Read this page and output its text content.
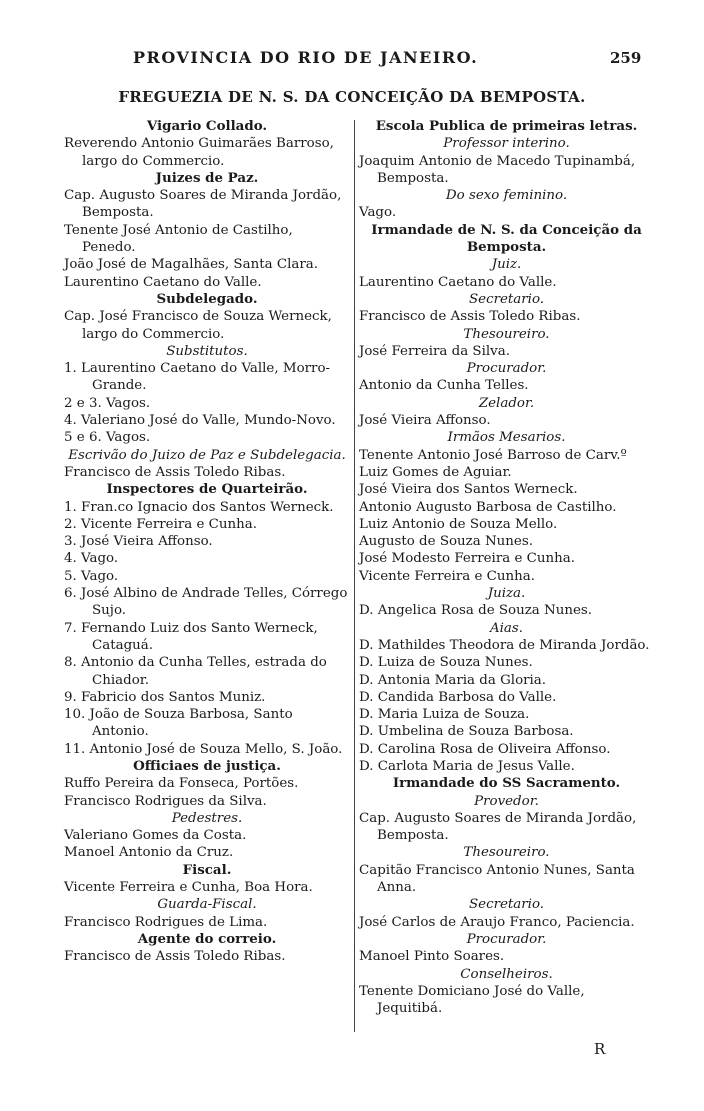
PROVINCIA DO RIO DE JANEIRO.	259
FREGUEZIA DE N. S. DA CONCEIÇÃO DA BEMPOSTA.
Vigario Collado.
Reverendo Antonio Guimarães Barroso, largo do Commercio.
Juizes de Paz.
Cap. Augusto Soares de Miranda Jordão, Bemposta.
Tenente José Antonio de Castilho, Penedo.
João José de Magalhães, Santa Clara.
Laurentino Caetano do Valle.
Subdelegado.
Cap. José Francisco de Souza Werneck, largo do Commercio.
Substitutos.
1. Laurentino Caetano do Valle, Morro-Grande.
2 e 3. Vagos.
4. Valeriano José do Valle, Mundo-Novo.
5 e 6. Vagos.
Escrivão do Juizo de Paz e Subdelegacia.
Francisco de Assis Toledo Ribas.
Inspectores de Quarteirão.
1. Fran.co Ignacio dos Santos Werneck.
2. Vicente Ferreira e Cunha.
3. José Vieira Affonso.
4. Vago.
5. Vago.
6. José Albino de Andrade Telles, Córrego Sujo.
7. Fernando Luiz dos Santo Werneck, Cataguá.
8. Antonio da Cunha Telles, estrada do Chiador.
9. Fabricio dos Santos Muniz.
10. João de Souza Barbosa, Santo Antonio.
11. Antonio José de Souza Mello, S. João.
Officiaes de justiça.
Ruffo Pereira da Fonseca, Portões.
Francisco Rodrigues da Silva.
Pedestres.
Valeriano Gomes da Costa.
Manoel Antonio da Cruz.
Fiscal.
Vicente Ferreira e Cunha, Boa Hora.
Guarda-Fiscal.
Francisco Rodrigues de Lima.
Agente do correio.
Francisco de Assis Toledo Ribas.
Escola Publica de primeiras letras.
Professor interino.
Joaquim Antonio de Macedo Tupinambá, Bemposta.
Do sexo feminino.
Vago.
Irmandade de N. S. da Conceição da Bemposta.
Juiz.
Laurentino Caetano do Valle.
Secretario.
Francisco de Assis Toledo Ribas.
Thesoureiro.
José Ferreira da Silva.
Procurador.
Antonio da Cunha Telles.
Zelador.
José Vieira Affonso.
Irmãos Mesarios.
Tenente Antonio José Barroso de Carv.º
Luiz Gomes de Aguiar.
José Vieira dos Santos Werneck.
Antonio Augusto Barbosa de Castilho.
Luiz Antonio de Souza Mello.
Augusto de Souza Nunes.
José Modesto Ferreira e Cunha.
Vicente Ferreira e Cunha.
Juiza.
D. Angelica Rosa de Souza Nunes.
Aias.
D. Mathildes Theodora de Miranda Jordão.
D. Luiza de Souza Nunes.
D. Antonia Maria da Gloria.
D. Candida Barbosa do Valle.
D. Maria Luiza de Souza.
D. Umbelina de Souza Barbosa.
D. Carolina Rosa de Oliveira Affonso.
D. Carlota Maria de Jesus Valle.
Irmandade do SS Sacramento.
Provedor.
Cap. Augusto Soares de Miranda Jordão, Bemposta.
Thesoureiro.
Capitão Francisco Antonio Nunes, Santa Anna.
Secretario.
José Carlos de Araujo Franco, Paciencia.
Procurador.
Manoel Pinto Soares.
Conselheiros.
Tenente Domiciano José do Valle, Jequitibá.
R
